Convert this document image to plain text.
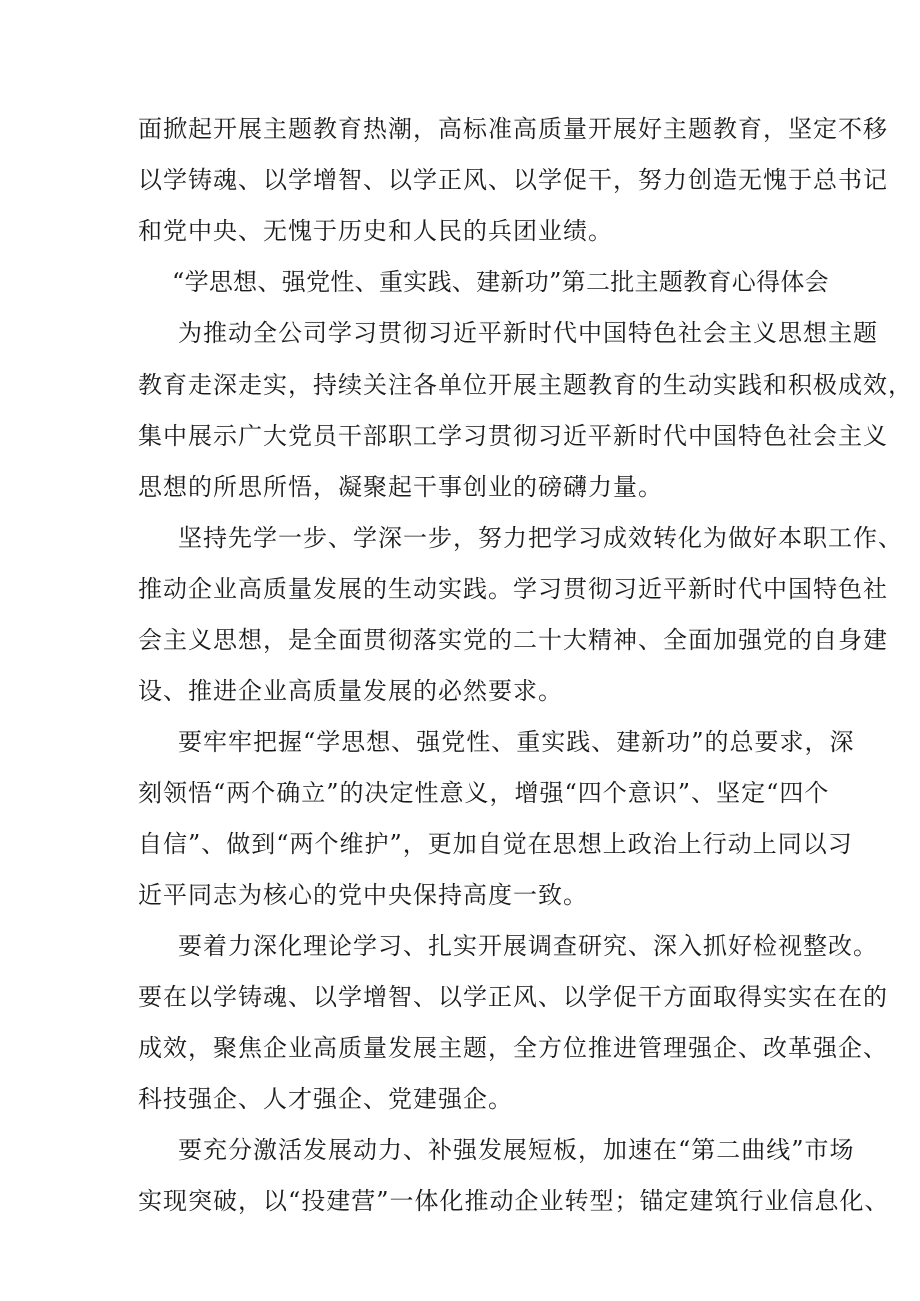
面掀起开展主题教育热潮，高标准高质量开展好主题教育，坚定不移
以学铸魂、以学增智、以学正风、以学促干，努力创造无愧于总书记
和党中央、无愧于历史和人民的兵团业绩。
“学思想、强党性、重实践、建新功”第二批主题教育心得体会
为推动全公司学习贯彻习近平新时代中国特色社会主义思想主题
教育走深走实，持续关注各单位开展主题教育的生动实践和积极成效，
集中展示广大党员干部职工学习贯彻习近平新时代中国特色社会主义
思想的所思所悟，凝聚起干事创业的磅礴力量。
坚持先学一步、学深一步，努力把学习成效转化为做好本职工作、
推动企业高质量发展的生动实践。学习贯彻习近平新时代中国特色社
会主义思想，是全面贯彻落实党的二十大精神、全面加强党的自身建
设、推进企业高质量发展的必然要求。
要牢牢把握“学思想、强党性、重实践、建新功”的总要求，深
刻领悟“两个确立”的决定性意义，增强“四个意识”、坚定“四个
自信”、做到“两个维护”，更加自觉在思想上政治上行动上同以习
近平同志为核心的党中央保持高度一致。
要着力深化理论学习、扎实开展调查研究、深入抓好检视整改。
要在以学铸魂、以学增智、以学正风、以学促干方面取得实实在在的
成效，聚焦企业高质量发展主题，全方位推进管理强企、改革强企、
科技强企、人才强企、党建强企。
要充分激活发展动力、补强发展短板，加速在“第二曲线”市场
实现突破，以“投建营”一体化推动企业转型；锚定建筑行业信息化、
